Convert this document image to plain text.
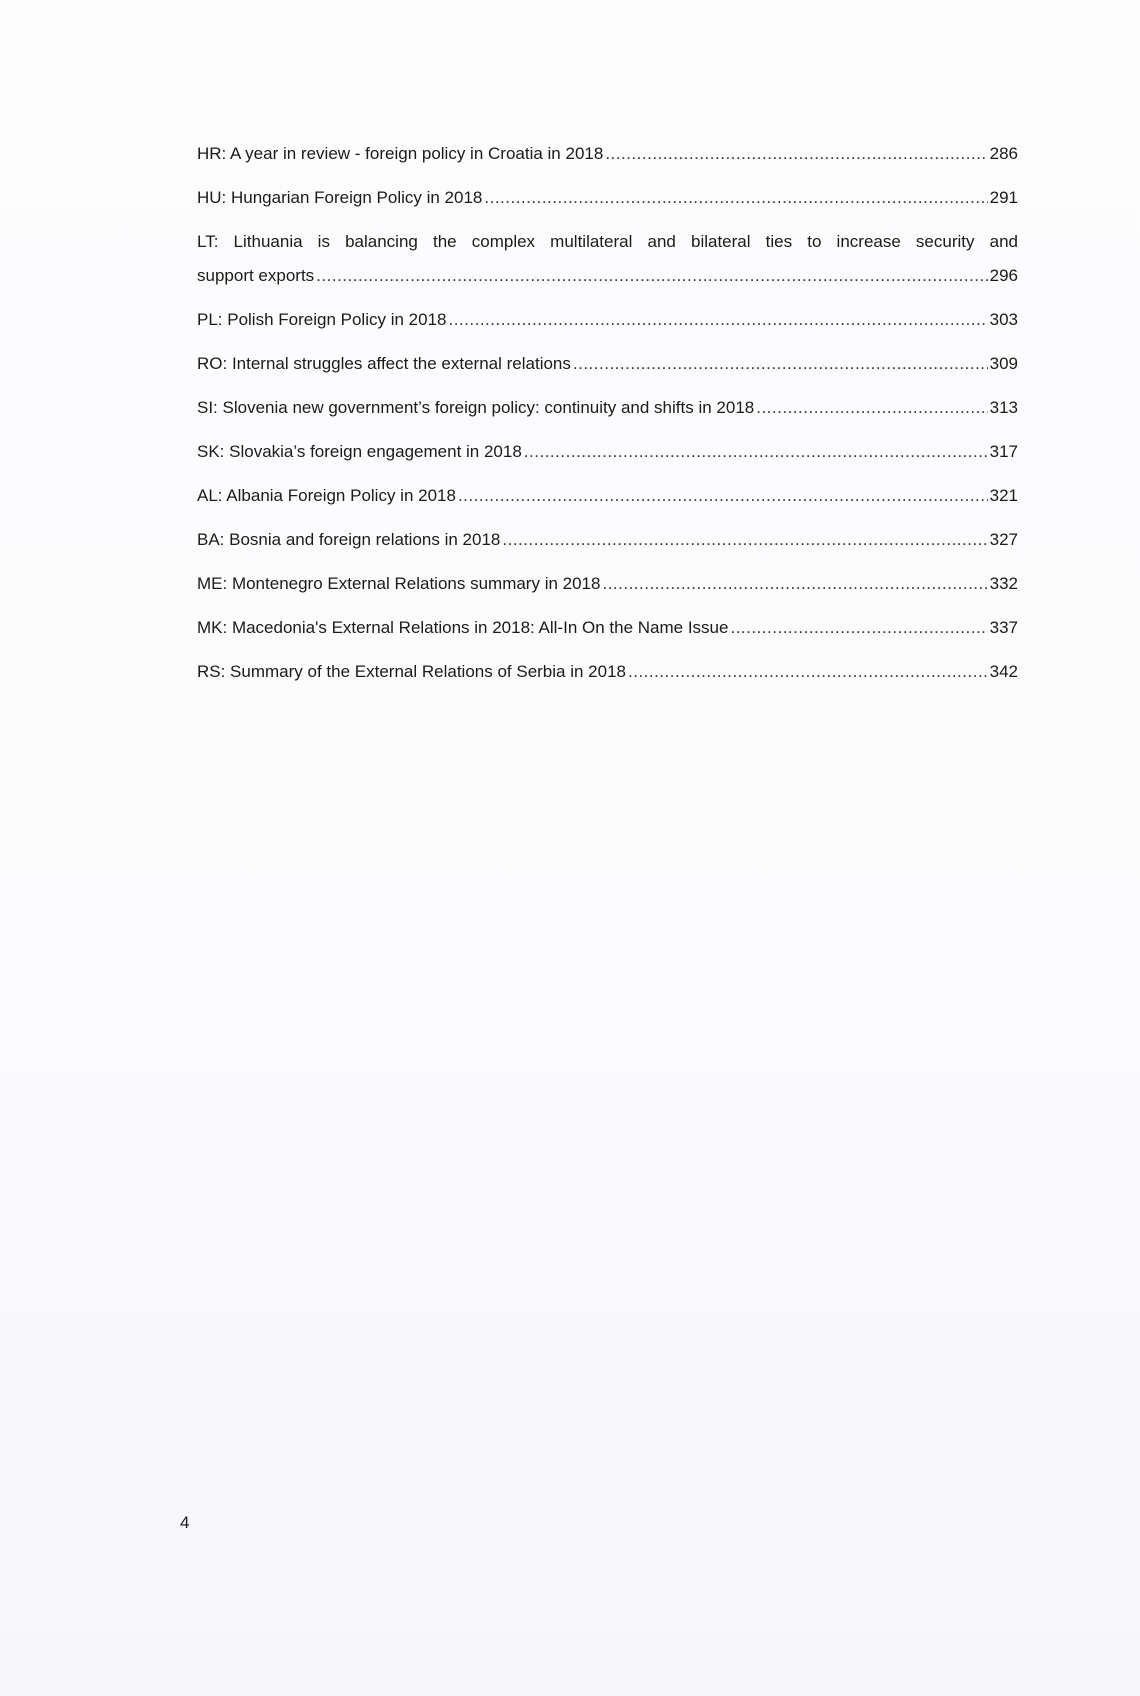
HR: A year in review - foreign policy in Croatia in 2018 .....	286
HU: Hungarian Foreign Policy in 2018 .....	291
LT: Lithuania is balancing the complex multilateral and bilateral ties to increase security and
support exports .....	296
PL: Polish Foreign Policy in 2018 .....	303
RO: Internal struggles affect the external relations .....	309
SI: Slovenia new government’s foreign policy: continuity and shifts in 2018 .....	313
SK: Slovakia’s foreign engagement in 2018 .....	317
AL: Albania Foreign Policy in 2018 .....	321
BA: Bosnia and foreign relations in 2018 .....	327
ME: Montenegro External Relations summary in 2018 .....	332
MK: Macedonia's External Relations in 2018: All-In On the Name Issue .....	337
RS: Summary of the External Relations of Serbia in 2018 .....	342
4
